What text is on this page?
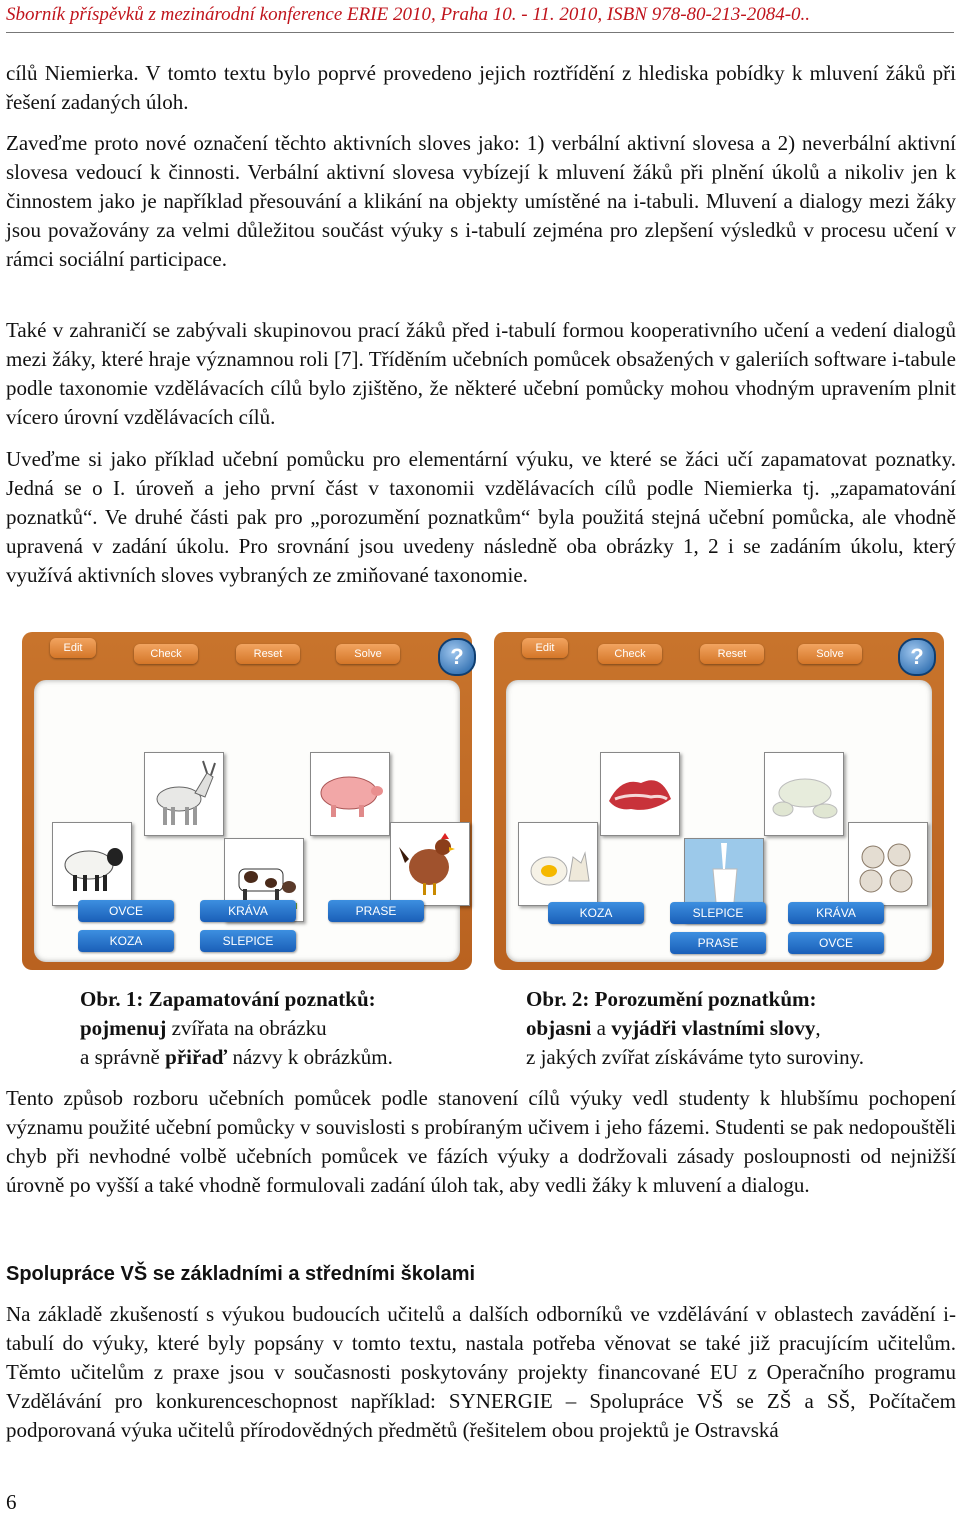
Sborník příspěvků z mezinárodní konference ERIE 2010, Praha 10. - 11. 2010, ISBN 978-80-213-2084-0..

cílů Niemierka. V tomto textu bylo poprvé provedeno jejich roztřídění z hlediska pobídky k mluvení žáků při řešení zadaných úloh.

Zaveďme proto nové označení těchto aktivních sloves jako: 1) verbální aktivní slovesa a 2) neverbální aktivní slovesa vedoucí k činnosti. Verbální aktivní slovesa vybízejí k mluvení žáků při plnění úkolů a nikoliv jen k činnostem jako je například přesouvání a klikání na objekty umístěné na i-tabuli. Mluvení a dialogy mezi žáky jsou považovány za velmi důležitou součást výuky s i-tabulí zejména pro zlepšení výsledků v procesu učení v rámci sociální participace.

Také v zahraničí se zabývali skupinovou prací žáků před i-tabulí formou kooperativního učení a vedení dialogů mezi žáky, které hraje významnou roli [7]. Tříděním učebních pomůcek obsažených v galeriích software i-tabule podle taxonomie vzdělávacích cílů bylo zjištěno, že některé učební pomůcky mohou vhodným upravením plnit vícero úrovní vzdělávacích cílů.

Uveďme si jako příklad učební pomůcku pro elementární výuku, ve které se žáci učí zapamatovat poznatky. Jedná se o I. úroveň a jeho první část v taxonomii vzdělávacích cílů podle Niemierka tj. „zapamatování poznatků“. Ve druhé části pak pro „porozumění poznatkům“ byla použitá stejná učební pomůcka, ale vhodně upravená v zadání úkolu. Pro srovnání jsou uvedeny následně oba obrázky 1, 2 i se zadáním úkolu, který využívá aktivních sloves vybraných ze zmiňované taxonomie.

Edit	Check	Reset	Solve	?
OVCE	KRÁVA	PRASE
KOZA	SLEPICE
Edit	Check	Reset	Solve	?
KOZA	SLEPICE	KRÁVA
PRASE	OVCE
Obr. 1: Zapamatování poznatků:
pojmenuj zvířata na obrázku
a správně přiřaď názvy k obrázkům.
Obr. 2: Porozumění poznatkům:
objasni a vyjádři vlastními slovy,
z jakých zvířat získáváme tyto suroviny.

Tento způsob rozboru učebních pomůcek podle stanovení cílů výuky vedl studenty k hlubšímu pochopení významu použité učební pomůcky v souvislosti s probíraným učivem i jeho fázemi. Studenti se pak nedopouštěli chyb při nevhodné volbě učebních pomůcek ve fázích výuky a dodržovali zásady posloupnosti od nejnižší úrovně po vyšší a také vhodně formulovali zadání úloh tak, aby vedli žáky k mluvení a dialogu.

Spolupráce VŠ se základními a středními školami

Na základě zkušeností s výukou budoucích učitelů a dalších odborníků ve vzdělávání v oblastech zavádění i-tabulí do výuky, které byly popsány v tomto textu, nastala potřeba věnovat se také již pracujícím učitelům. Těmto učitelům z praxe jsou v současnosti poskytovány projekty financované EU z Operačního programu Vzdělávání pro konkurenceschopnost například: SYNERGIE – Spolupráce VŠ se ZŠ a SŠ, Počítačem podporovaná výuka učitelů přírodovědných předmětů (řešitelem obou projektů je Ostravská

6
